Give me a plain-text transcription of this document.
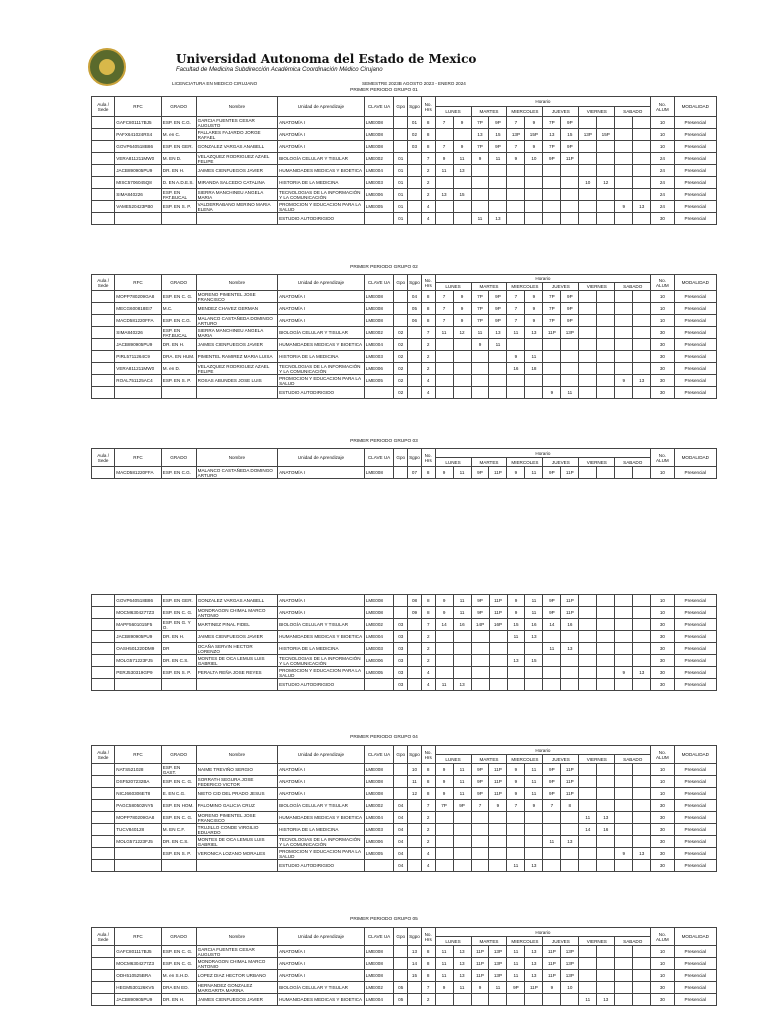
Universidad Autonoma del Estado de Mexico
Facultad de Medicina Subdirección Académica Coordinación Médico Cirujano
LICENCIATURA EN MEDICO CIRUJANO	SEMESTRE 2023B AGOSTO 2023 - ENERO 2024
PRIMER PERIODO GRUPO 01
Aula / Sede	RFC	GRADO	Nombre	Unidad de Aprendizaje	CLAVE UA	Gpo	Sgpo	No. Hrs	Horario												No. ALUM	MODALIDAD
									LUNES		MARTES		MIERCOLES		JUEVES		VIERNES		SABADO			
	GAFC801117BJ5	ESP. EN C.G.	GARCIA FUENTES CESAR AUGUSTO	ANATOMÍA I	LME008		01	8	7	9	7P	9P	7	9	7P	9P					10	Presencial
	PAFX641024RS4	M. en C.	PALLARES FAJARDO JORGE RAFAEL	ANATOMÍA I	LME008		02	8			13	15	13P	15P	13	15	13P	15P			10	Presencial
	GOVP640518B86	ESP. EN GER.	GONZALEZ VARGAS ANABELL	ANATOMÍA I	LME008		03	8	7	9	7P	9P	7	9	7P	9P					10	Presencial
	VERA811211MW0	M. EN D.	VELAZQUEZ RODRIGUEZ AZAEL FELIPE	BIOLOGÍA CELULAR Y TISULAR	LME002	01		7	9	11	9	11	9	10	9P	11P					24	Presencial
	JACB890905PU9	DR. EN H.	JAIMES CIENFUEGOS JAVIER	HUMANIDADES MEDICAS Y BIOETICA	LME004	01		2	11	13											24	Presencial
	MISC5706045Q8	D. EN A.D.E.S.	MIRANDA SALCEDO CATALINA	HISTORIA DE LA MEDICINA	LME003	01		2									10	12			24	Presencial
	SIMA840226	ESP. EN PAT.BUCAL	SIERRA MANCHINEU ANGELA MARIA	TECNOLOGIAS DE LA INFORMACIÓN Y LA COMUNICACIÓN	LME006	01		2	13	15											24	Presencial
	VAME520423PB0	ESP. EN S. P.	VALDERRABANO MERINO MARIA ELENA	PROMOCION Y EDUCACION PARA LA SALUD	LME005	01		4											9	13	24	Presencial
				ESTUDIO AUTODIRIGIDO		01		4			11	13									30	Presencial
PRIMER PERIODO GRUPO 02
Aula / Sede	RFC	GRADO	Nombre	Unidad de Aprendizaje	CLAVE UA	Gpo	Sgpo	No. Hrs	Horario												No. ALUM	MODALIDAD
									LUNES		MARTES		MIERCOLES		JUEVES		VIERNES		SABADO			
	MOPP780209GA8	ESP. EN C. G.	MORENO PIMENTEL JOSE FRANCISCO	ANATOMÍA I	LME008		04	8	7	9	7P	9P	7	9	7P	9P					10	Presencial
	MECG600818EI7	M.C.	MENDEZ CHAVEZ GERMAN	ANATOMÍA I	LME008		05	8	7	9	7P	9P	7	9	7P	9P					10	Presencial
	MACD581220FFA	ESP. EN C.G.	MALANCO CASTAÑEDA DOMINGO ARTURO	ANATOMÍA I	LME008		06	8	7	9	7P	9P	7	9	7P	9P					10	Presencial
	SIMA840226	ESP. EN PAT.BUCAL	SIERRA MANCHINEU ANGELA MARIA	BIOLOGÍA CELULAR Y TISULAR	LME002	02		7	11	12	11	13	11	13	11P	13P					30	Presencial
	JACB890905PU9	DR. EN H.	JAIMES CIENFUEGOS JAVIER	HUMANIDADES MEDICAS Y BIOETICA	LME004	02		2			9	11									30	Presencial
	PIRL5711264C9	DRA. EN HUM.	PIMENTEL RAMIREZ MARIA LUISA	HISTORIA DE LA MEDICINA	LME003	02		2					9	11							30	Presencial
	VERA811211MW0	M. en D.	VELAZQUEZ RODRIGUEZ AZAEL FELIPE	TECNOLOGIAS DE LA INFORMACIÓN Y LA COMUNICACIÓN	LME006	02		2					16	18							30	Presencial
	ROAL751125AC4	ESP. EN S. P.	ROSAS ABUNDES JOSE LUIS	PROMOCION Y EDUCACION PARA LA SALUD	LME005	02		4											9	13	30	Presencial
				ESTUDIO AUTODIRIGIDO		02		4							9	11					30	Presencial
PRIMER PERIODO GRUPO 03
Aula / Sede	RFC	GRADO	Nombre	Unidad de Aprendizaje	CLAVE UA	Gpo	Sgpo	No. Hrs	Horario												No. ALUM	MODALIDAD
									LUNES		MARTES		MIERCOLES		JUEVES		VIERNES		SABADO			
	MACD581220FFA	ESP. EN C.G.	MALANCO CASTAÑEDA DOMINGO ARTURO	ANATOMÍA I	LME008		07	8	9	11	9P	11P	9	11	9P	11P					10	Presencial
	GOVP640518B86	ESP. EN GER.	GONZALEZ VARGAS ANABELL	ANATOMÍA I	LME008		08	8	9	11	9P	11P	9	11	9P	11P					10	Presencial
	MOCM6304277Z3	ESP. EN C. G.	MONDRAGON CHIMAL MARCO ANTONIO	ANATOMÍA I	LME008		09	8	9	11	9P	11P	9	11	9P	11P					10	Presencial
	MAPF5601015F5	ESP. EN G. Y O.	MARTINEZ PINAL FIDEL	BIOLOGÍA CELULAR Y TISULAR	LME002	03		7	14	16	14P	16P	15	16	14	16					30	Presencial
	JACB890905PU9	DR. EN H.	JAIMES CIENFUEGOS JAVIER	HUMANIDADES MEDICAS Y BIOETICA	LME004	03		2					11	13							30	Presencial
	OASH501220DM9	DR	OCAÑA SERVIN HECTOR LORENZO	HISTORIA DE LA MEDICINA	LME003	03		2							11	13					30	Presencial
	MOLG571223FJ5	DR. EN C.S.	MONTES DE OCA LEMUS LUIS GABRIEL	TECNOLOGIAS DE LA INFORMACIÓN Y LA COMUNICACIÓN	LME006	03		2					13	15							30	Presencial
	PERJ530319GP9	ESP. EN S. P.	PERALTA REÑA JOSE REYES	PROMOCION Y EDUCACION PARA LA SALUD	LME005	03		4											9	13	30	Presencial
				ESTUDIO AUTODIRIGIDO		03		4	11	13											30	Presencial
PRIMER PERIODO GRUPO 04
Aula / Sede	RFC	GRADO	Nombre	Unidad de Aprendizaje	CLAVE UA	Gpo	Sgpo	No. Hrs	Horario												No. ALUM	MODALIDAD
									LUNES		MARTES		MIERCOLES		JUEVES		VIERNES		SABADO			
	NATS521028	ESP. EN GAST.	NAIME TREVIÑO SERGIO	ANATOMÍA I	LME008		10	8	9	11	9P	11P	9	11	9P	11P					10	Presencial
	DSF5207232BA	ESP. EN C. G.	SORRATH SEGURA JOSE FEDERICO VICTOR	ANATOMÍA I	LME008		11	8	9	11	9P	11P	9	11	9P	11P					10	Presencial
	NICJ660306ET8	E. EN C.G.	NIETO CID DEL PRADO JESUS	ANATOMÍA I	LME008		12	8	9	11	9P	11P	9	11	9P	11P					10	Presencial
	PAGC580502NY5	ESP. EN HOM.	PALOMINO GALICIA CRUZ	BIOLOGÍA CELULAR Y TISULAR	LME002	04		7	7P	9P	7	9	7	9	7	8					30	Presencial
	MOPP780209GA8	ESP. EN C. G.	MORENO PIMENTEL JOSE FRANCISCO	HUMANIDADES MEDICAS Y BIOETICA	LME004	04		2									11	13			30	Presencial
	TUCV840128	M. EN C.F.	TRUJILLO CONDE VIRGILIO EDUARDO	HISTORIA DE LA MEDICINA	LME003	04		2									14	16			30	Presencial
	MOLG571223FJ5	DR. EN C.S.	MONTES DE OCA LEMUS LUIS GABRIEL	TECNOLOGIAS DE LA INFORMACIÓN Y LA COMUNICACIÓN	LME006	04		2							11	13					30	Presencial
		ESP. EN S. P.	VERONICA LOZANO MORALES	PROMOCION Y EDUCACION PARA LA SALUD	LME005	04		4											9	13	30	Presencial
				ESTUDIO AUTODIRIGIDO		04		4					11	13							30	Presencial
PRIMER PERIODO GRUPO 05
Aula / Sede	RFC	GRADO	Nombre	Unidad de Aprendizaje	CLAVE UA	Gpo	Sgpo	No. Hrs	Horario												No. ALUM	MODALIDAD
									LUNES		MARTES		MIERCOLES		JUEVES		VIERNES		SABADO			
	GAFC801117BJ5	ESP. EN C. G.	GARCIA FUENTES CESAR AUGUSTO	ANATOMÍA I	LME008		13	8	11	13	11P	13P	11	13	11P	13P					10	Presencial
	MOCM6304277Z3	ESP. EN C. G.	MONDRAGON CHIMAL MARCO ANTONIO	ANATOMÍA I	LME008		14	8	11	13	11P	13P	11	13	11P	13P					10	Presencial
	ODH510525BRA	M. en S.H.D.	LOPEZ DIAZ HECTOR URBANO	ANATOMÍA I	LME008		15	8	11	13	11P	13P	11	13	11P	13P					10	Presencial
	HEGM530126KV5	DRA EN ED.	HERNANDEZ GONZALEZ MARGARITA MARINA	BIOLOGÍA CELULAR Y TISULAR	LME002	05		7	9	11	9	11	9P	11P	9	10					30	Presencial
	JACB890905PU9	DR. EN H.	JAIMES CIENFUEGOS JAVIER	HUMANIDADES MEDICAS Y BIOETICA	LME004	05		2									11	13			30	Presencial
